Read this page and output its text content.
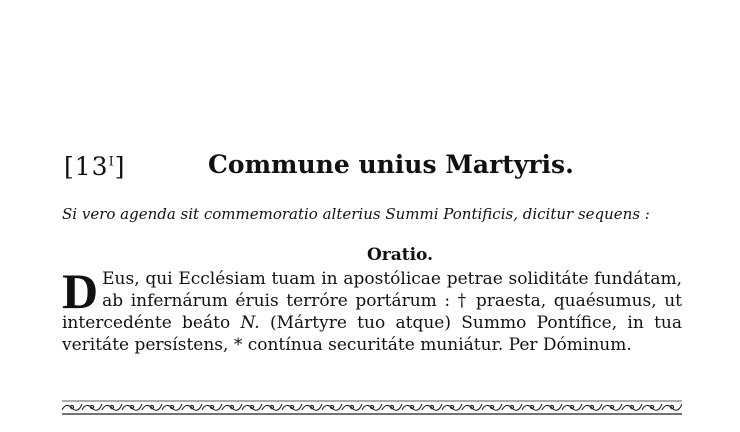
$[13^I]$	Commune unius Martyris.
Si vero agenda sit commemoratio alterius Summi Pontificis, dicitur sequens :
Oratio.
D Eus, qui Ecclésiam tuam in apostólicae petrae soliditáte fundátam, ab infernárum éruis terróre portárum : † praesta, quaésumus, ut intercedénte beáto N. (Mártyre tuo atque) Summo Pontífice, in tua veritáte persístens, * contínua securitáte muniátur. Per Dóminum.
